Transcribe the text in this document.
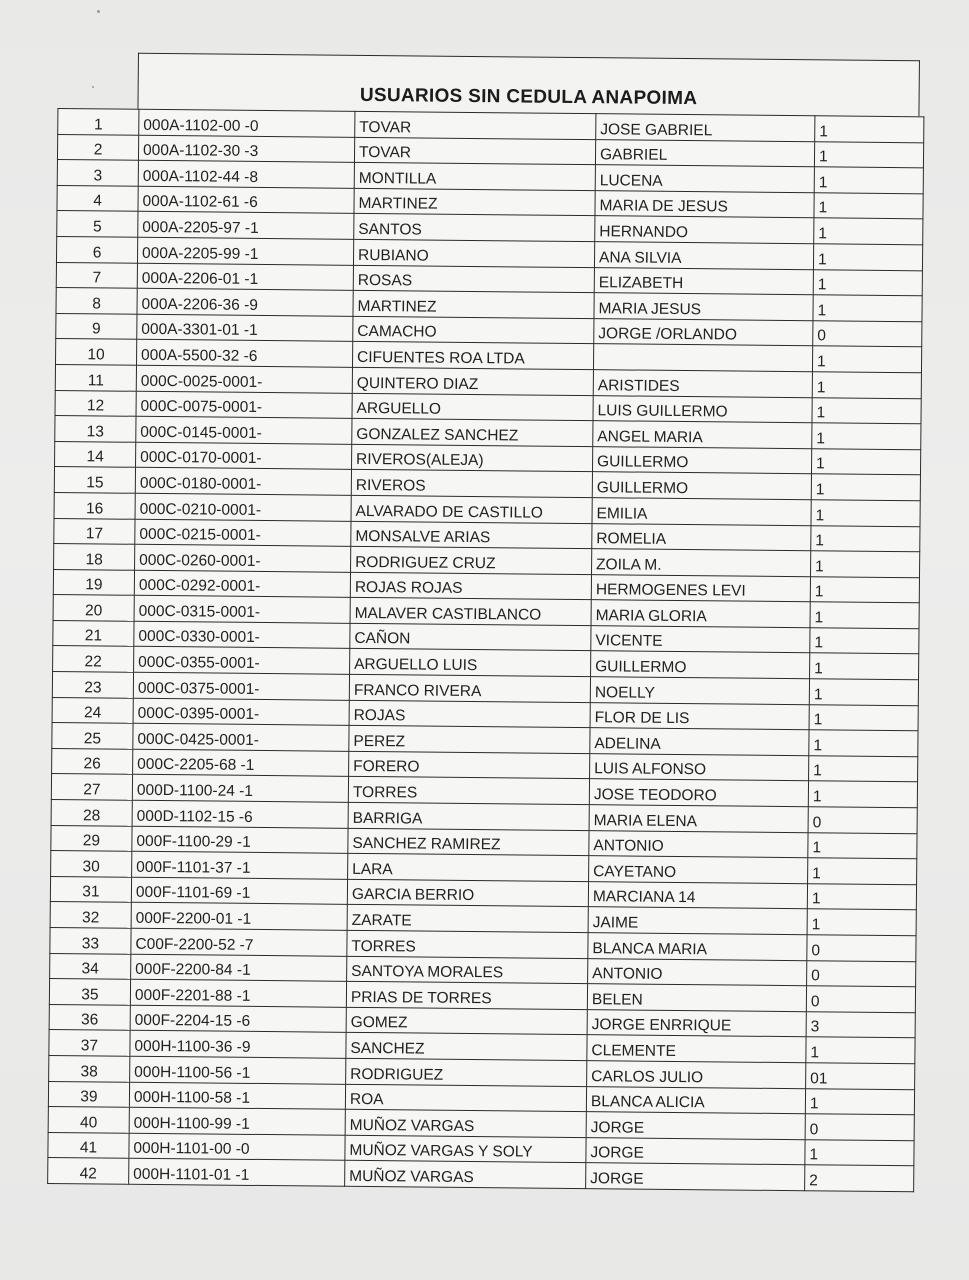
USUARIOS SIN CEDULA ANAPOIMA
1	000A-1102-00 -0	TOVAR	JOSE GABRIEL	1
2	000A-1102-30 -3	TOVAR	GABRIEL	1
3	000A-1102-44 -8	MONTILLA	LUCENA	1
4	000A-1102-61 -6	MARTINEZ	MARIA DE JESUS	1
5	000A-2205-97 -1	SANTOS	HERNANDO	1
6	000A-2205-99 -1	RUBIANO	ANA SILVIA	1
7	000A-2206-01 -1	ROSAS	ELIZABETH	1
8	000A-2206-36 -9	MARTINEZ	MARIA JESUS	1
9	000A-3301-01 -1	CAMACHO	JORGE /ORLANDO	0
10	000A-5500-32 -6	CIFUENTES ROA LTDA		1
11	000C-0025-0001-	QUINTERO DIAZ	ARISTIDES	1
12	000C-0075-0001-	ARGUELLO	LUIS GUILLERMO	1
13	000C-0145-0001-	GONZALEZ SANCHEZ	ANGEL MARIA	1
14	000C-0170-0001-	RIVEROS(ALEJA)	GUILLERMO	1
15	000C-0180-0001-	RIVEROS	GUILLERMO	1
16	000C-0210-0001-	ALVARADO DE CASTILLO	EMILIA	1
17	000C-0215-0001-	MONSALVE ARIAS	ROMELIA	1
18	000C-0260-0001-	RODRIGUEZ CRUZ	ZOILA M.	1
19	000C-0292-0001-	ROJAS ROJAS	HERMOGENES LEVI	1
20	000C-0315-0001-	MALAVER CASTIBLANCO	MARIA GLORIA	1
21	000C-0330-0001-	CAÑON	VICENTE	1
22	000C-0355-0001-	ARGUELLO LUIS	GUILLERMO	1
23	000C-0375-0001-	FRANCO RIVERA	NOELLY	1
24	000C-0395-0001-	ROJAS	FLOR DE LIS	1
25	000C-0425-0001-	PEREZ	ADELINA	1
26	000C-2205-68 -1	FORERO	LUIS ALFONSO	1
27	000D-1100-24 -1	TORRES	JOSE TEODORO	1
28	000D-1102-15 -6	BARRIGA	MARIA ELENA	0
29	000F-1100-29 -1	SANCHEZ RAMIREZ	ANTONIO	1
30	000F-1101-37 -1	LARA	CAYETANO	1
31	000F-1101-69 -1	GARCIA BERRIO	MARCIANA 14	1
32	000F-2200-01 -1	ZARATE	JAIME	1
33	C00F-2200-52 -7	TORRES	BLANCA MARIA	0
34	000F-2200-84 -1	SANTOYA MORALES	ANTONIO	0
35	000F-2201-88 -1	PRIAS DE TORRES	BELEN	0
36	000F-2204-15 -6	GOMEZ	JORGE ENRRIQUE	3
37	000H-1100-36 -9	SANCHEZ	CLEMENTE	1
38	000H-1100-56 -1	RODRIGUEZ	CARLOS JULIO	01
39	000H-1100-58 -1	ROA	BLANCA ALICIA	1
40	000H-1100-99 -1	MUÑOZ VARGAS	JORGE	0
41	000H-1101-00 -0	MUÑOZ VARGAS Y SOLY	JORGE	1
42	000H-1101-01 -1	MUÑOZ VARGAS	JORGE	2
